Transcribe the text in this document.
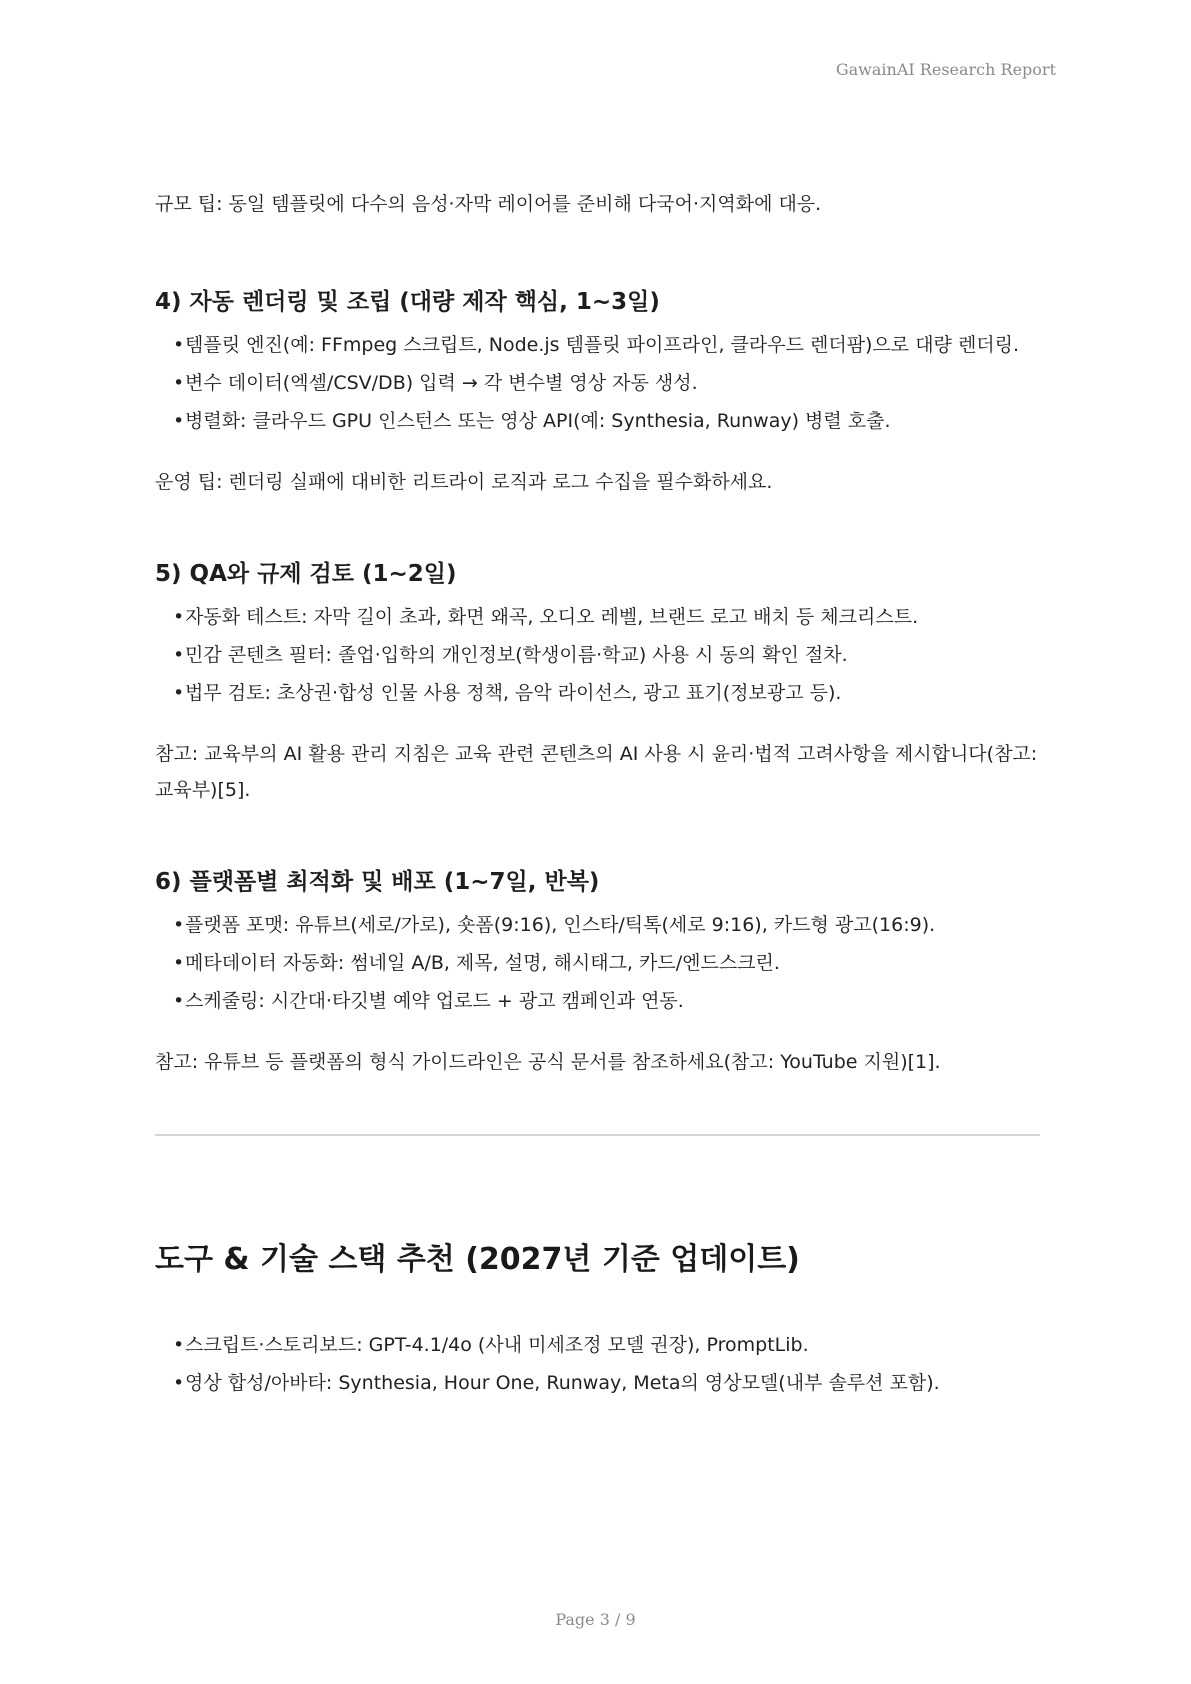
GawainAI Research Report

규모 팁: 동일 템플릿에 다수의 음성·자막 레이어를 준비해 다국어·지역화에 대응.

4) 자동 렌더링 및 조립 (대량 제작 핵심, 1~3일)
• 템플릿 엔진(예: FFmpeg 스크립트, Node.js 템플릿 파이프라인, 클라우드 렌더팜)으로 대량 렌더링.
• 변수 데이터(엑셀/CSV/DB) 입력 → 각 변수별 영상 자동 생성.
• 병렬화: 클라우드 GPU 인스턴스 또는 영상 API(예: Synthesia, Runway) 병렬 호출.

운영 팁: 렌더링 실패에 대비한 리트라이 로직과 로그 수집을 필수화하세요.

5) QA와 규제 검토 (1~2일)
• 자동화 테스트: 자막 길이 초과, 화면 왜곡, 오디오 레벨, 브랜드 로고 배치 등 체크리스트.
• 민감 콘텐츠 필터: 졸업·입학의 개인정보(학생이름·학교) 사용 시 동의 확인 절차.
• 법무 검토: 초상권·합성 인물 사용 정책, 음악 라이선스, 광고 표기(정보광고 등).

참고: 교육부의 AI 활용 관리 지침은 교육 관련 콘텐츠의 AI 사용 시 윤리·법적 고려사항을 제시합니다(참고: 교육부)[5].

6) 플랫폼별 최적화 및 배포 (1~7일, 반복)
• 플랫폼 포맷: 유튜브(세로/가로), 숏폼(9:16), 인스타/틱톡(세로 9:16), 카드형 광고(16:9).
• 메타데이터 자동화: 썸네일 A/B, 제목, 설명, 해시태그, 카드/엔드스크린.
• 스케줄링: 시간대·타깃별 예약 업로드 + 광고 캠페인과 연동.

참고: 유튜브 등 플랫폼의 형식 가이드라인은 공식 문서를 참조하세요(참고: YouTube 지원)[1].

도구 & 기술 스택 추천 (2027년 기준 업데이트)
• 스크립트·스토리보드: GPT-4.1/4o (사내 미세조정 모델 권장), PromptLib.
• 영상 합성/아바타: Synthesia, Hour One, Runway, Meta의 영상모델(내부 솔루션 포함).
Page 3 / 9
